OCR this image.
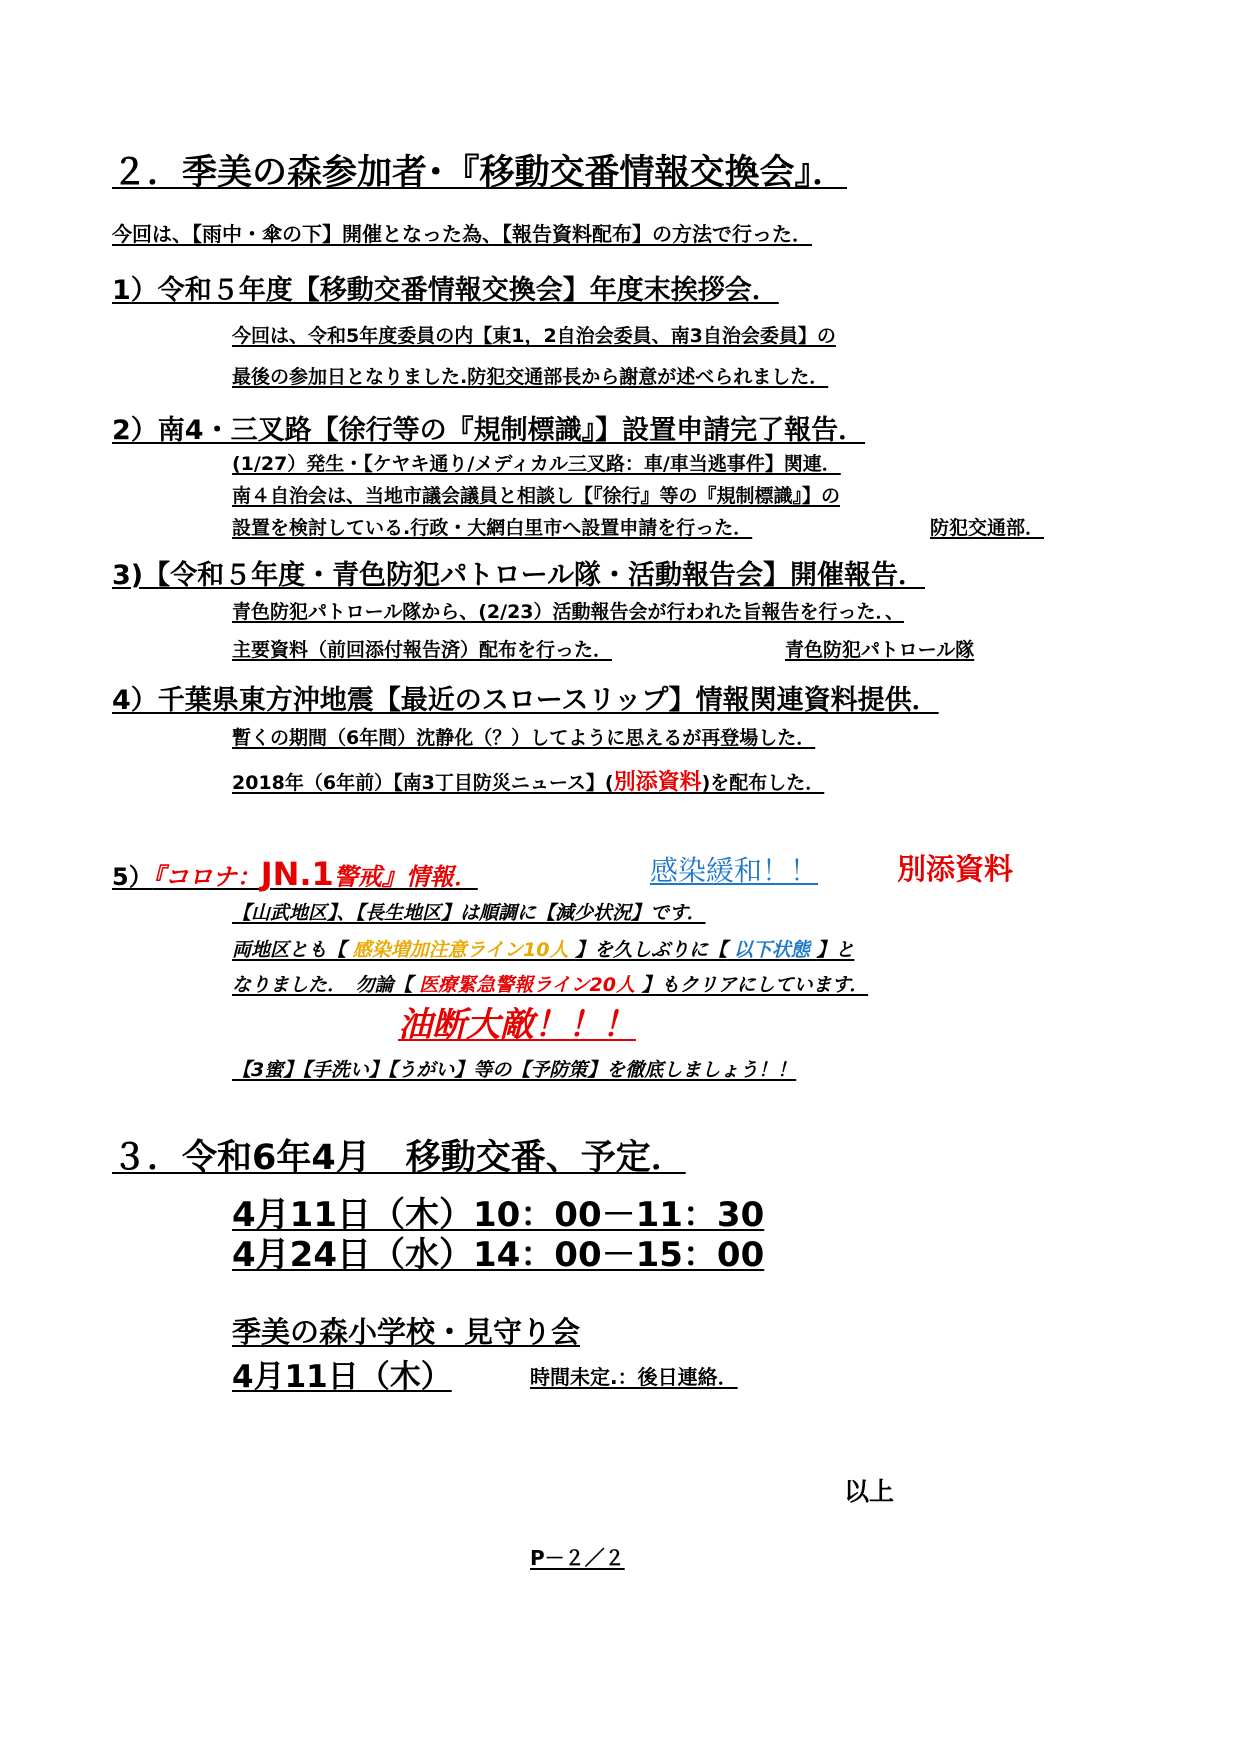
２．季美の森参加者･『移動交番情報交換会』．
今回は、【雨中・傘の下】開催となった為、【報告資料配布】の方法で行った．
1）令和５年度【移動交番情報交換会】年度末挨拶会．
今回は、令和5年度委員の内【東1，2自治会委員、南3自治会委員】の
最後の参加日となりました.防犯交通部長から謝意が述べられました．
2）南4・三叉路【徐行等の『規制標識』】設置申請完了報告．
(1/27）発生・【ケヤキ通り/メディカル三叉路：車/車当逃事件】関連．
南４自治会は、当地市議会議員と相談し【『徐行』等の『規制標識』】の
設置を検討している.行政・大網白里市へ設置申請を行った．	防犯交通部．
3)【令和５年度・青色防犯パトロール隊・活動報告会】開催報告．
青色防犯パトロール隊から、(2/23）活動報告会が行われた旨報告を行った．、
主要資料（前回添付報告済）配布を行った．	青色防犯パトロール隊
4）千葉県東方沖地震【最近のスロースリップ】情報関連資料提供．
暫くの期間（6年間）沈静化（？）してように思えるが再登場した．
2018年（6年前）【南3丁目防災ニュース】(別添資料)を配布した．
5）『コロナ：JN.1警戒』情報．	感染緩和！！	別添資料
【山武地区】、【長生地区】は順調に【減少状況】です．
両地区とも【 感染増加注意ライン10人 】を久しぶりに【 以下状態 】と
なりました．　勿論【 医療緊急警報ライン20人 】もクリアにしています．
油断大敵！！！
【3蜜】【手洗い】【うがい】等の【予防策】を徹底しましょう！！
３．令和6年4月　移動交番、予定．
4月11日（木）10：00－11：30
4月24日（水）14：00－15：00
季美の森小学校・見守り会
4月11日（木）	時間未定.：後日連絡．
以上
P－２／２
